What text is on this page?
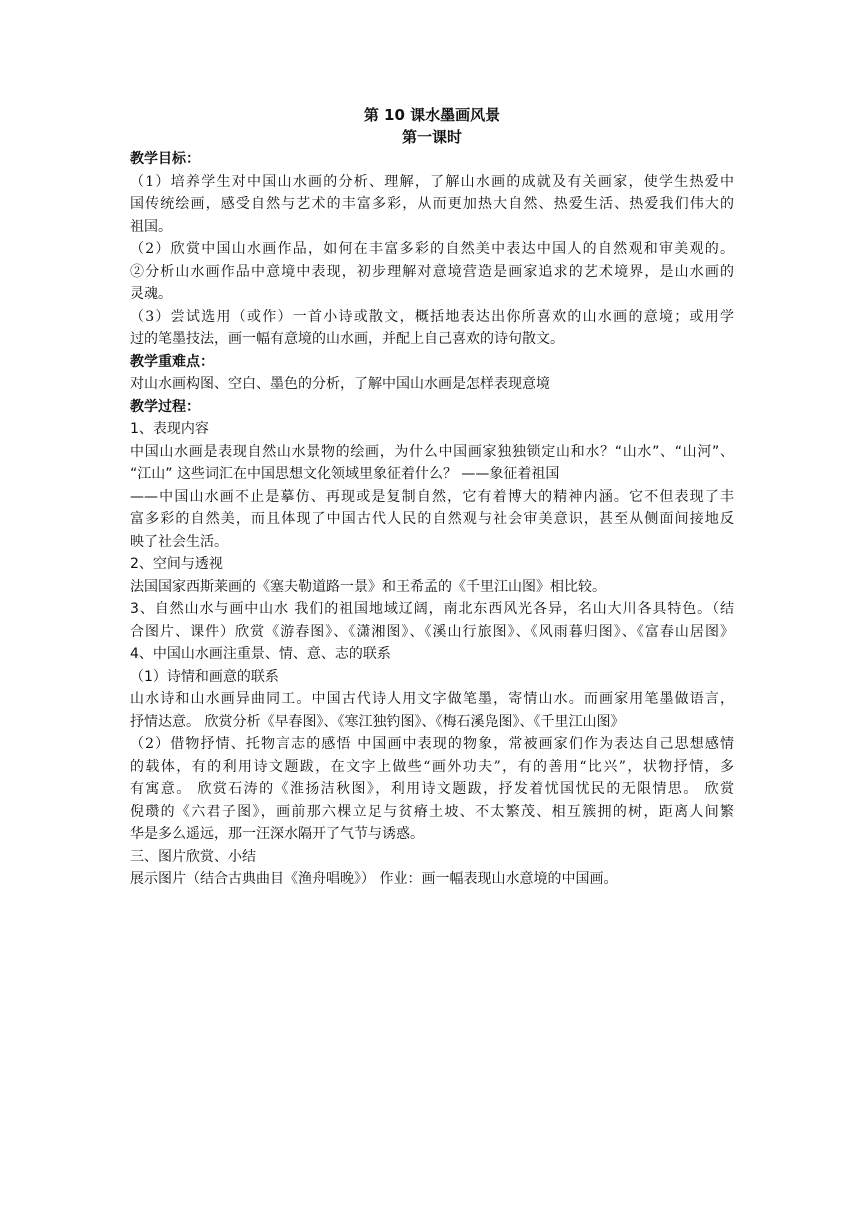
第 10 课水墨画风景
第一课时
教学目标：
（1）培养学生对中国山水画的分析、理解，了解山水画的成就及有关画家，使学生热爱中
国传统绘画，感受自然与艺术的丰富多彩，从而更加热大自然、热爱生活、热爱我们伟大的
祖国。
（2）欣赏中国山水画作品，如何在丰富多彩的自然美中表达中国人的自然观和审美观的。
②分析山水画作品中意境中表现，初步理解对意境营造是画家追求的艺术境界，是山水画的
灵魂。
（3）尝试选用（或作）一首小诗或散文，概括地表达出你所喜欢的山水画的意境；或用学
过的笔墨技法，画一幅有意境的山水画，并配上自己喜欢的诗句散文。
教学重难点：
对山水画构图、空白、墨色的分析，了解中国山水画是怎样表现意境
教学过程：
1、表现内容
中国山水画是表现自然山水景物的绘画，为什么中国画家独独锁定山和水？“山水”、“山河”、
“江山” 这些词汇在中国思想文化领域里象征着什么？ ——象征着祖国
——中国山水画不止是摹仿、再现或是复制自然，它有着博大的精神内涵。它不但表现了丰
富多彩的自然美，而且体现了中国古代人民的自然观与社会审美意识，甚至从侧面间接地反
映了社会生活。
2、空间与透视
法国国家西斯莱画的《塞夫勒道路一景》和王希孟的《千里江山图》相比较。
3、自然山水与画中山水 我们的祖国地域辽阔，南北东西风光各异，名山大川各具特色。（结
合图片、课件）欣赏《游春图》、《潇湘图》、《溪山行旅图》、《风雨暮归图》、《富春山居图》
4、中国山水画注重景、情、意、志的联系
（1）诗情和画意的联系
山水诗和山水画异曲同工。中国古代诗人用文字做笔墨，寄情山水。而画家用笔墨做语言，
抒情达意。 欣赏分析《早春图》、《寒江独钓图》、《梅石溪凫图》、《千里江山图》
（2）借物抒情、托物言志的感悟 中国画中表现的物象，常被画家们作为表达自己思想感情
的载体，有的利用诗文题跋，在文字上做些“画外功夫”，有的善用“比兴”，状物抒情，多
有寓意。 欣赏石涛的《淮扬洁秋图》，利用诗文题跋，抒发着忧国忧民的无限情思。 欣赏
倪瓒的《六君子图》，画前那六棵立足与贫瘠土坡、不太繁茂、相互簇拥的树，距离人间繁
华是多么遥远，那一汪深水隔开了气节与诱惑。
三、图片欣赏、小结
展示图片（结合古典曲目《渔舟唱晚》） 作业：画一幅表现山水意境的中国画。
